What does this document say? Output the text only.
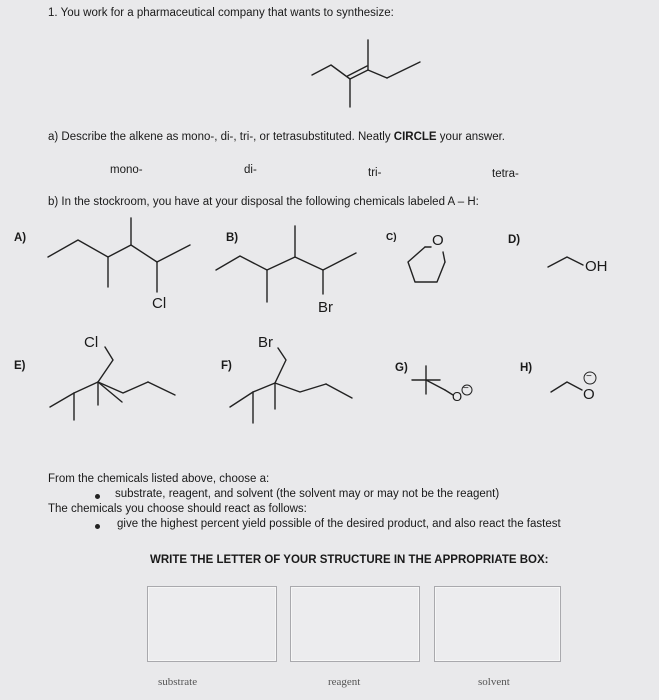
1. You work for a pharmaceutical company that wants to synthesize:
a) Describe the alkene as mono-, di-, tri-, or tetrasubstituted. Neatly CIRCLE your answer.
mono-	di-	tri-	tetra-
b) In the stockroom, you have at your disposal the following chemicals labeled A – H:
A)	B)	C)	D)
E)	F)	G)	H)
Cl	Br
O
OH
Cl	Br
O
−	O
−
From the chemicals listed above, choose a:
substrate, reagent, and solvent (the solvent may or may not be the reagent)
The chemicals you choose should react as follows:
give the highest percent yield possible of the desired product, and also react the fastest
WRITE THE LETTER OF YOUR STRUCTURE IN THE APPROPRIATE BOX:
substrate	reagent	solvent
